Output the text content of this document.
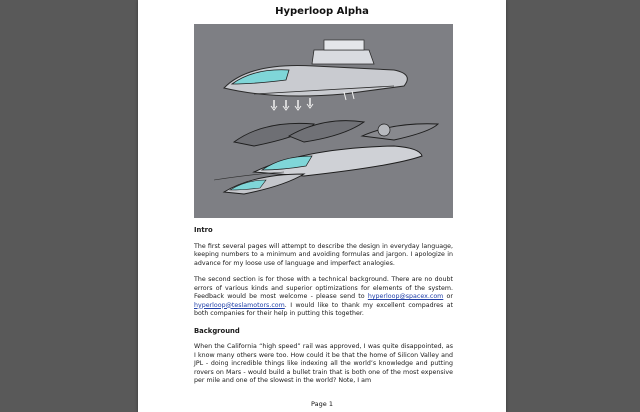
Hyperloop Alpha
Intro

The first several pages will attempt to describe the design in everyday language, keeping numbers to a minimum and avoiding formulas and jargon. I apologize in advance for my loose use of language and imperfect analogies.

The second section is for those with a technical background. There are no doubt errors of various kinds and superior optimizations for elements of the system. Feedback would be most welcome - please send to hyperloop@spacex.com or hyperloop@teslamotors.com. I would like to thank my excellent compadres at both companies for their help in putting this together.

Background

When the California “high speed” rail was approved, I was quite disappointed, as I know many others were too. How could it be that the home of Silicon Valley and JPL - doing incredible things like indexing all the world’s knowledge and putting rovers on Mars - would build a bullet train that is both one of the most expensive per mile and one of the slowest in the world? Note, I am

Page 1
